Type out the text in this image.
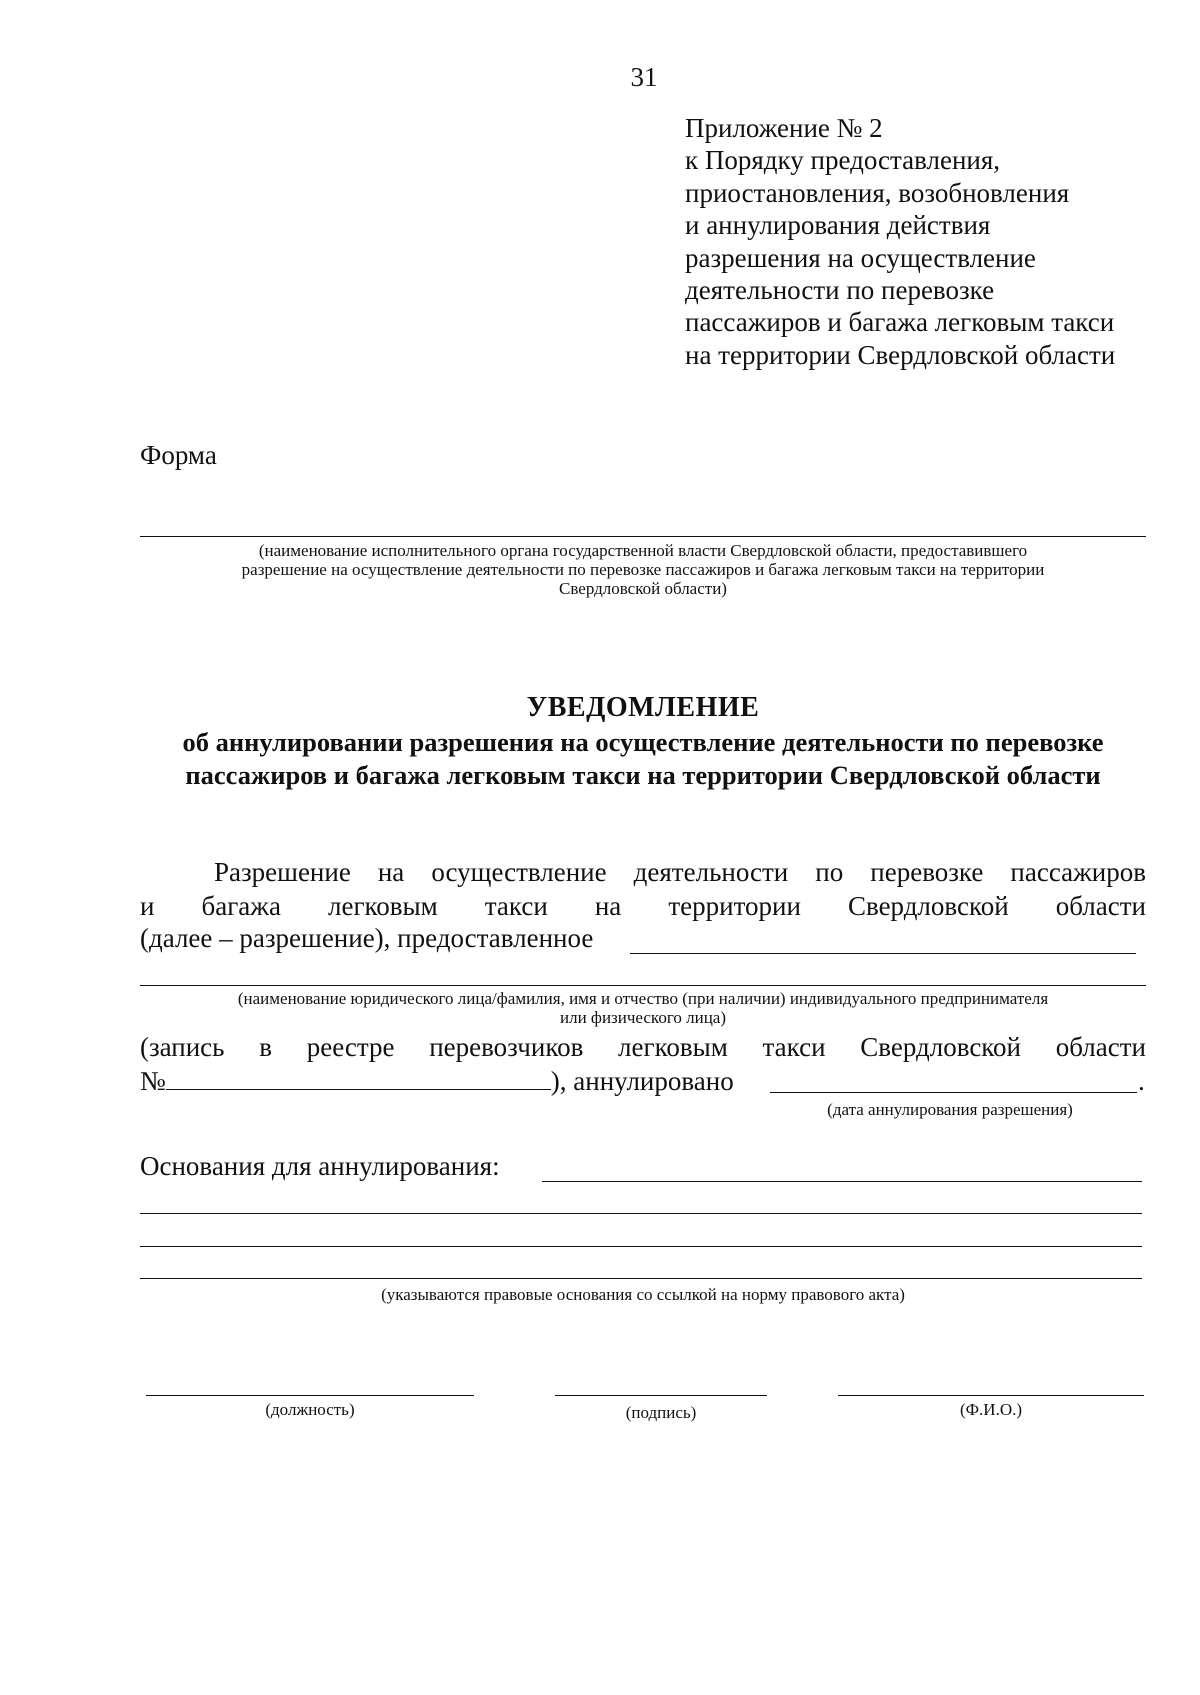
31
Приложение № 2
к Порядку предоставления,
приостановления, возобновления
и аннулирования действия
разрешения на осуществление
деятельности по перевозке
пассажиров и багажа легковым такси
на территории Свердловской области
Форма
(наименование исполнительного органа государственной власти Свердловской области, предоставившего
разрешение на осуществление деятельности по перевозке пассажиров и багажа легковым такси на территории
Свердловской области)
УВЕДОМЛЕНИЕ
об аннулировании разрешения на осуществление деятельности по перевозке
пассажиров и багажа легковым такси на территории Свердловской области
Разрешение на осуществление деятельности по перевозке пассажиров
и багажа легковым такси на территории Свердловской области
(далее – разрешение), предоставленное
(наименование юридического лица/фамилия, имя и отчество (при наличии) индивидуального предпринимателя
или физического лица)
(запись в реестре перевозчиков легковым такси Свердловской области
№	), аннулировано	.
(дата аннулирования разрешения)
Основания для аннулирования:
(указываются правовые основания со ссылкой на норму правового акта)
(должность)	(подпись)	(Ф.И.О.)
